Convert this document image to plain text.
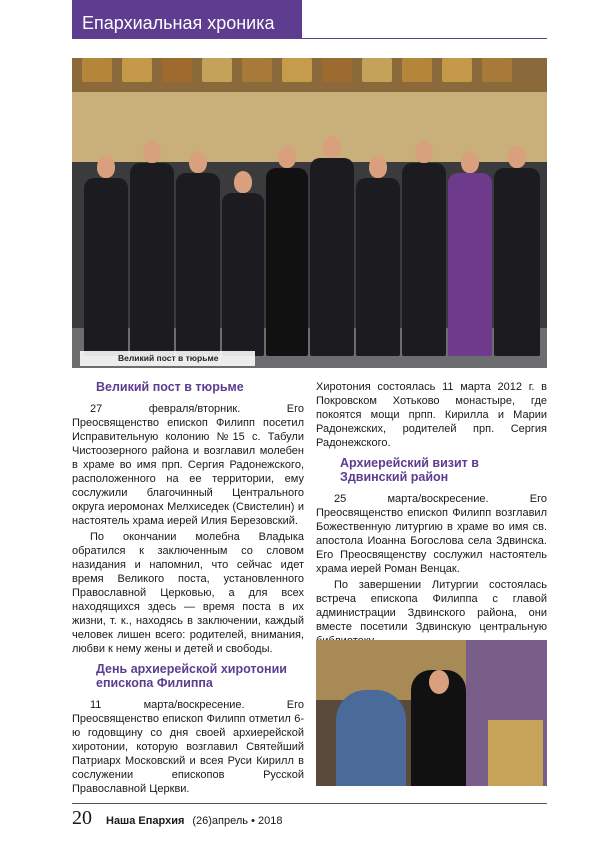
Епархиальная хроника
Великий пост в тюрьме
Великий пост в тюрьме

27 февраля/вторник. Его Преосвященство епископ Филипп посетил Исправительную колонию №15 с. Табули Чистоозерного района и возглавил молебен в храме во имя прп. Сергия Радонежского, расположенного на ее территории, ему сослужили благочинный Центрального округа иеромонах Мелхиседек (Свистелин) и настоятель храма иерей Илия Березовский.

По окончании молебна Владыка обратился к заключенным со словом назидания и напомнил, что сейчас идет время Великого поста, установленного Православной Церковью, а для всех находящихся здесь — время поста в их жизни, т. к., находясь в заключении, каждый человек лишен всего: родителей, внимания, любви к нему жены и детей и свободы.

День архиерейской хиротонии епископа Филиппа

11 марта/воскресение. Его Преосвященство епископ Филипп отметил 6-ю годовщину со дня своей архиерейской хиротонии, которую возглавил Святейший Патриарх Московский и всея Руси Кирилл в сослужении епископов Русской Православной Церкви.

Хиротония состоялась 11 марта 2012 г. в Покровском Хотьково монастыре, где покоятся мощи прпп. Кирилла и Марии Радонежских, родителей прп. Сергия Радонежского.

Архиерейский визит в Здвинский район

25 марта/воскресение. Его Преосвященство епископ Филипп возглавил Божественную литургию в храме во имя св. апостола Иоанна Богослова села Здвинска. Его Преосвященству сослужил настоятель храма иерей Роман Венцак.

По завершении Литургии состоялась встреча епископа Филиппа с главой администрации Здвинского района, они вместе посетили Здвинскую центральную

20 Наша Епархия (26)апрель • 2018
